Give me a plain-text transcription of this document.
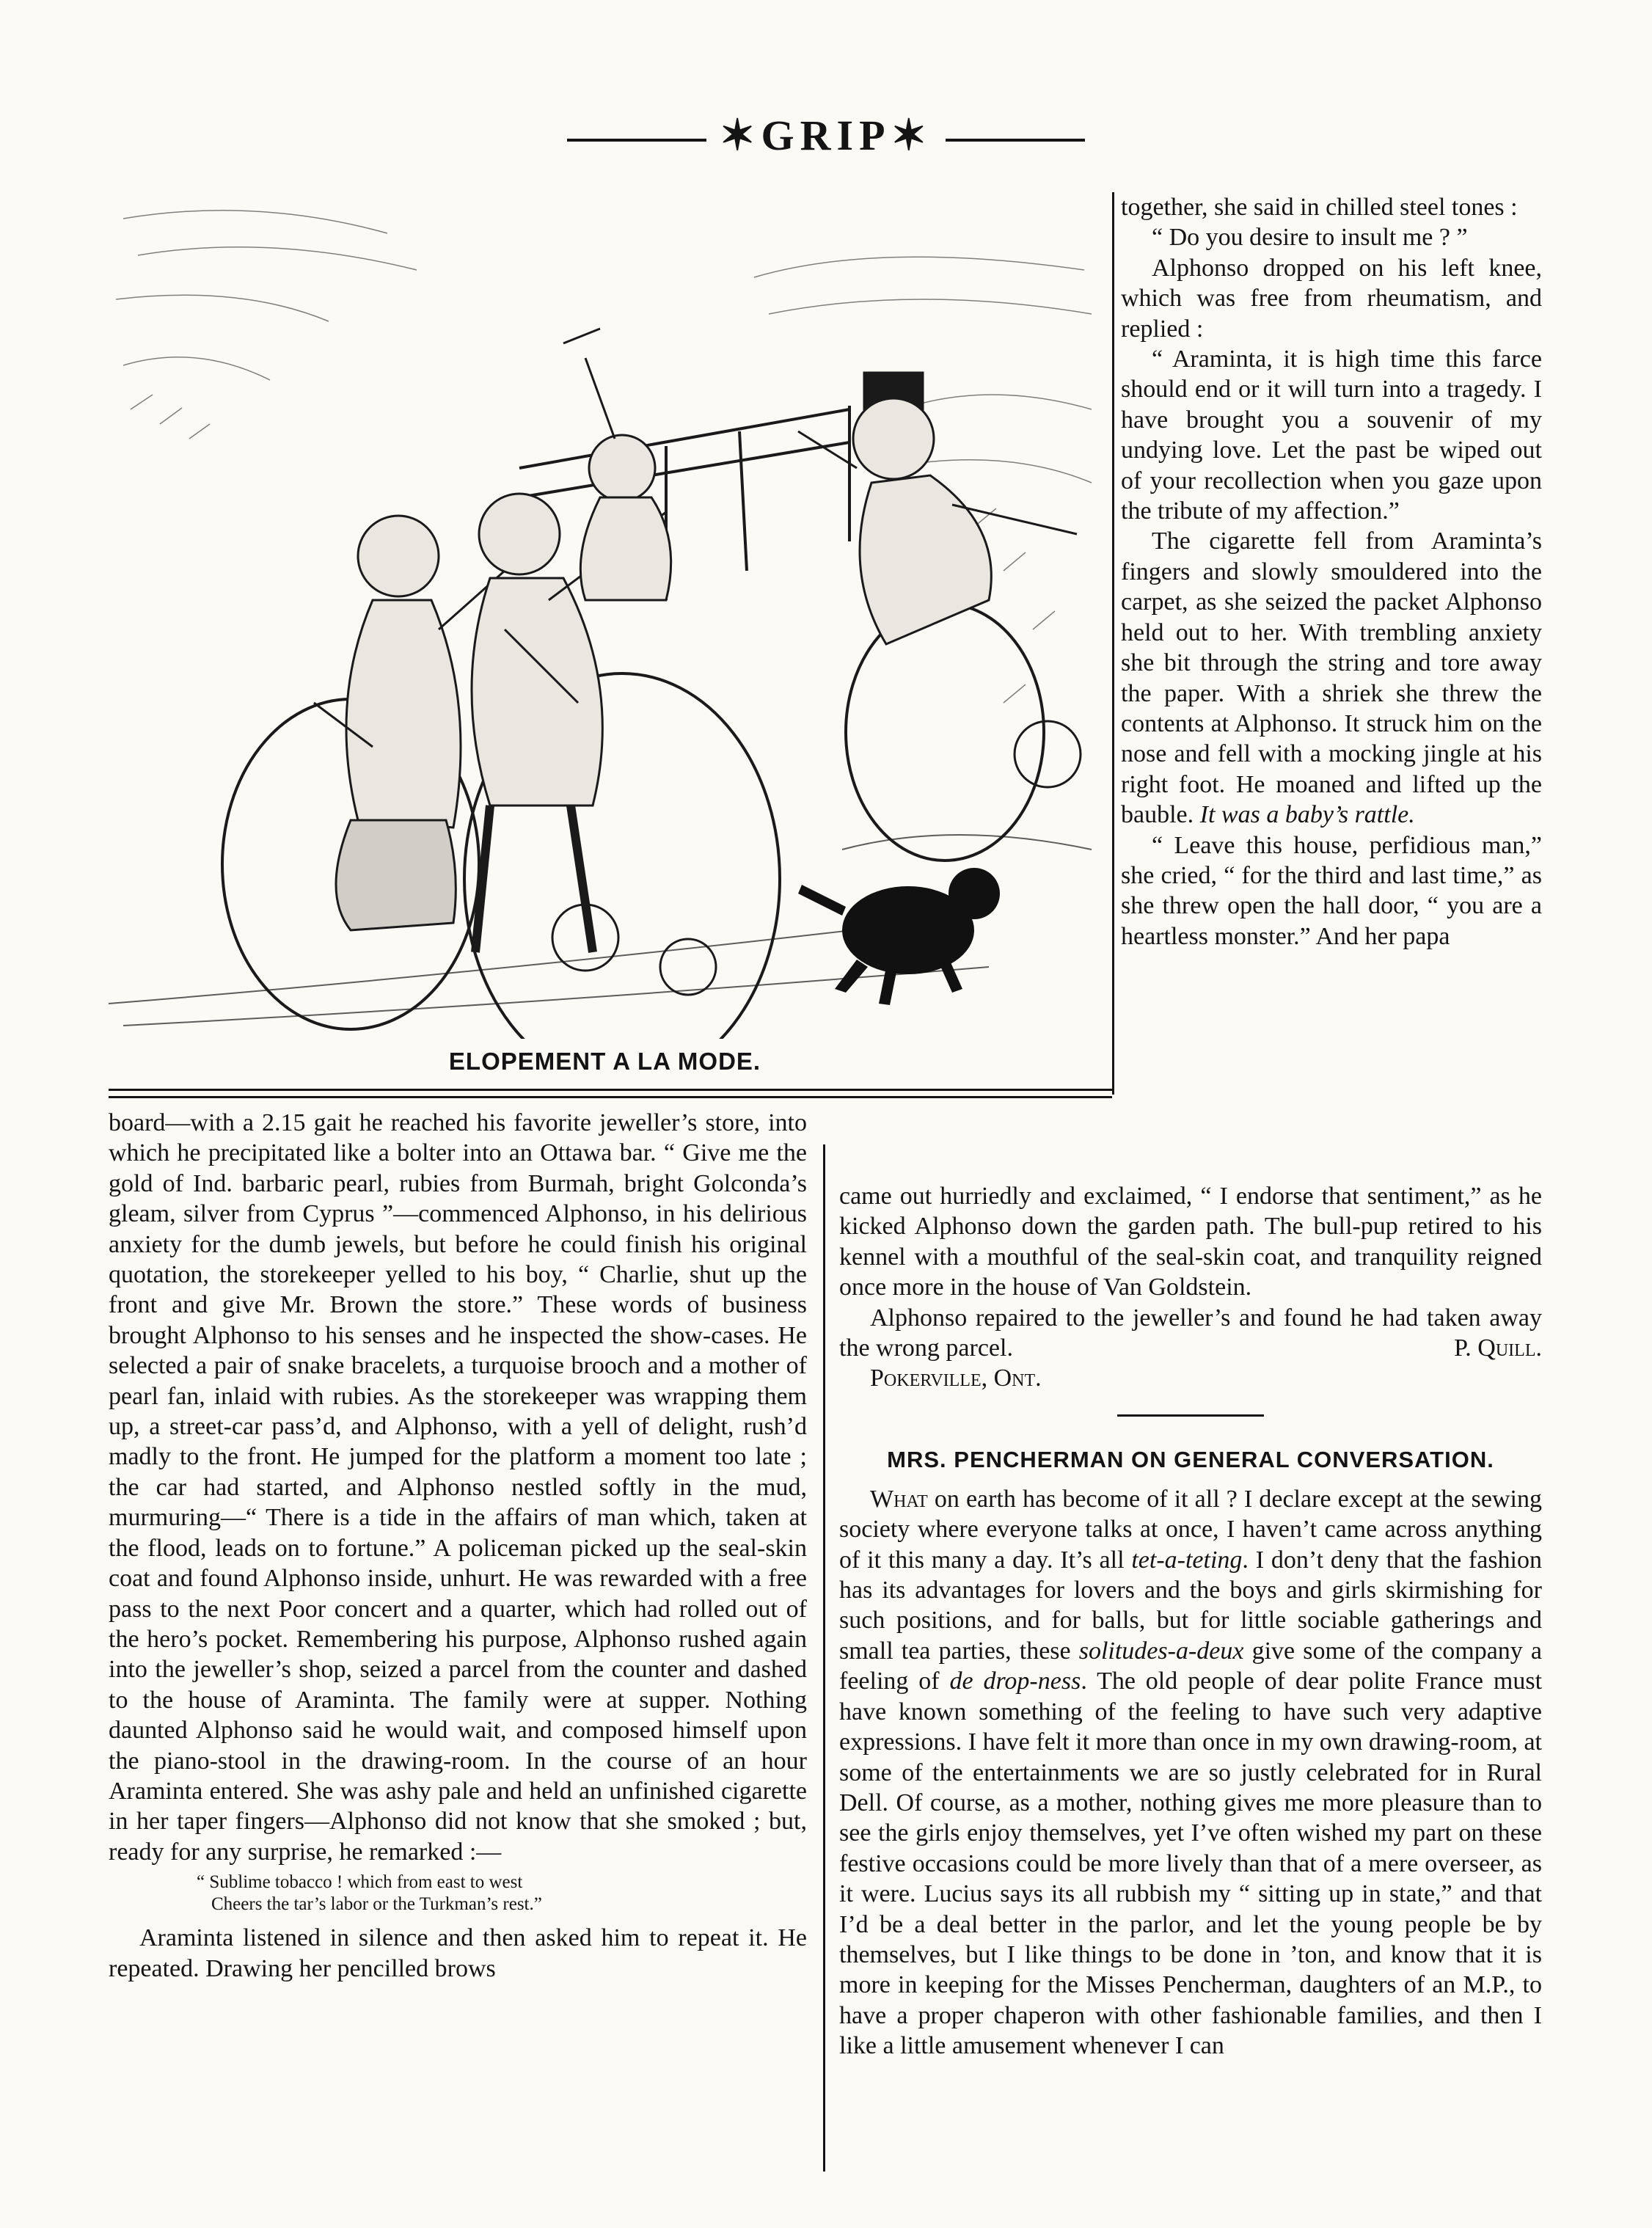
✶GRIP✶
ELOPEMENT A LA MODE.

together, she said in chilled steel tones :

“ Do you desire to insult me ? ”

Alphonso dropped on his left knee, which was free from rheumatism, and replied :

“ Araminta, it is high time this farce should end or it will turn into a tragedy. I have brought you a souvenir of my undying love. Let the past be wiped out of your recollection when you gaze upon the tribute of my affection.”

The cigarette fell from Araminta’s fingers and slowly smouldered into the carpet, as she seized the packet Alphonso held out to her. With trembling anxiety she bit through the string and tore away the paper. With a shriek she threw the contents at Alphonso. It struck him on the nose and fell with a mocking jingle at his right foot. He moaned and lifted up the bauble. It was a baby’s rattle.

“ Leave this house, perfidious man,” she cried, “ for the third and last time,” as she threw open the hall door, “ you are a heartless monster.” And her papa

board—with a 2.15 gait he reached his favorite jeweller’s store, into which he precipitated like a bolter into an Ottawa bar. “ Give me the gold of Ind. barbaric pearl, rubies from Burmah, bright Golconda’s gleam, silver from Cyprus ”—commenced Alphonso, in his delirious anxiety for the dumb jewels, but before he could finish his original quotation, the storekeeper yelled to his boy, “ Charlie, shut up the front and give Mr. Brown the store.” These words of business brought Alphonso to his senses and he inspected the show-cases. He selected a pair of snake bracelets, a turquoise brooch and a mother of pearl fan, inlaid with rubies. As the storekeeper was wrapping them up, a street-car pass’d, and Alphonso, with a yell of delight, rush’d madly to the front. He jumped for the platform a moment too late ; the car had started, and Alphonso nestled softly in the mud, murmuring—“ There is a tide in the affairs of man which, taken at the flood, leads on to fortune.” A policeman picked up the seal-skin coat and found Alphonso inside, unhurt. He was rewarded with a free pass to the next Poor concert and a quarter, which had rolled out of the hero’s pocket. Remembering his purpose, Alphonso rushed again into the jeweller’s shop, seized a parcel from the counter and dashed to the house of Araminta. The family were at supper. Nothing daunted Alphonso said he would wait, and composed himself upon the piano-stool in the drawing-room. In the course of an hour Araminta entered. She was ashy pale and held an unfinished cigarette in her taper fingers—Alphonso did not know that she smoked ; but, ready for any surprise, he remarked :—

“ Sublime tobacco ! which from east to west
Cheers the tar’s labor or the Turkman’s rest.”

Araminta listened in silence and then asked him to repeat it. He repeated. Drawing her pencilled brows

came out hurriedly and exclaimed, “ I endorse that sentiment,” as he kicked Alphonso down the garden path. The bull-pup retired to his kennel with a mouthful of the seal-skin coat, and tranquility reigned once more in the house of Van Goldstein.

Alphonso repaired to the jeweller’s and found he had taken away the wrong parcel.	P. Quill.

Pokerville, Ont.

MRS. PENCHERMAN ON GENERAL CONVERSATION.

What on earth has become of it all ? I declare except at the sewing society where everyone talks at once, I haven’t came across anything of it this many a day. It’s all tet-a-teting. I don’t deny that the fashion has its advantages for lovers and the boys and girls skirmishing for such positions, and for balls, but for little sociable gatherings and small tea parties, these solitudes-a-deux give some of the company a feeling of de drop-ness. The old people of dear polite France must have known something of the feeling to have such very adaptive expressions. I have felt it more than once in my own drawing-room, at some of the entertainments we are so justly celebrated for in Rural Dell. Of course, as a mother, nothing gives me more pleasure than to see the girls enjoy themselves, yet I’ve often wished my part on these festive occasions could be more lively than that of a mere overseer, as it were. Lucius says its all rubbish my “ sitting up in state,” and that I’d be a deal better in the parlor, and let the young people be by themselves, but I like things to be done in ’ton, and know that it is more in keeping for the Misses Pencherman, daughters of an M.P., to have a proper chaperon with other fashionable families, and then I like a little amusement whenever I can
